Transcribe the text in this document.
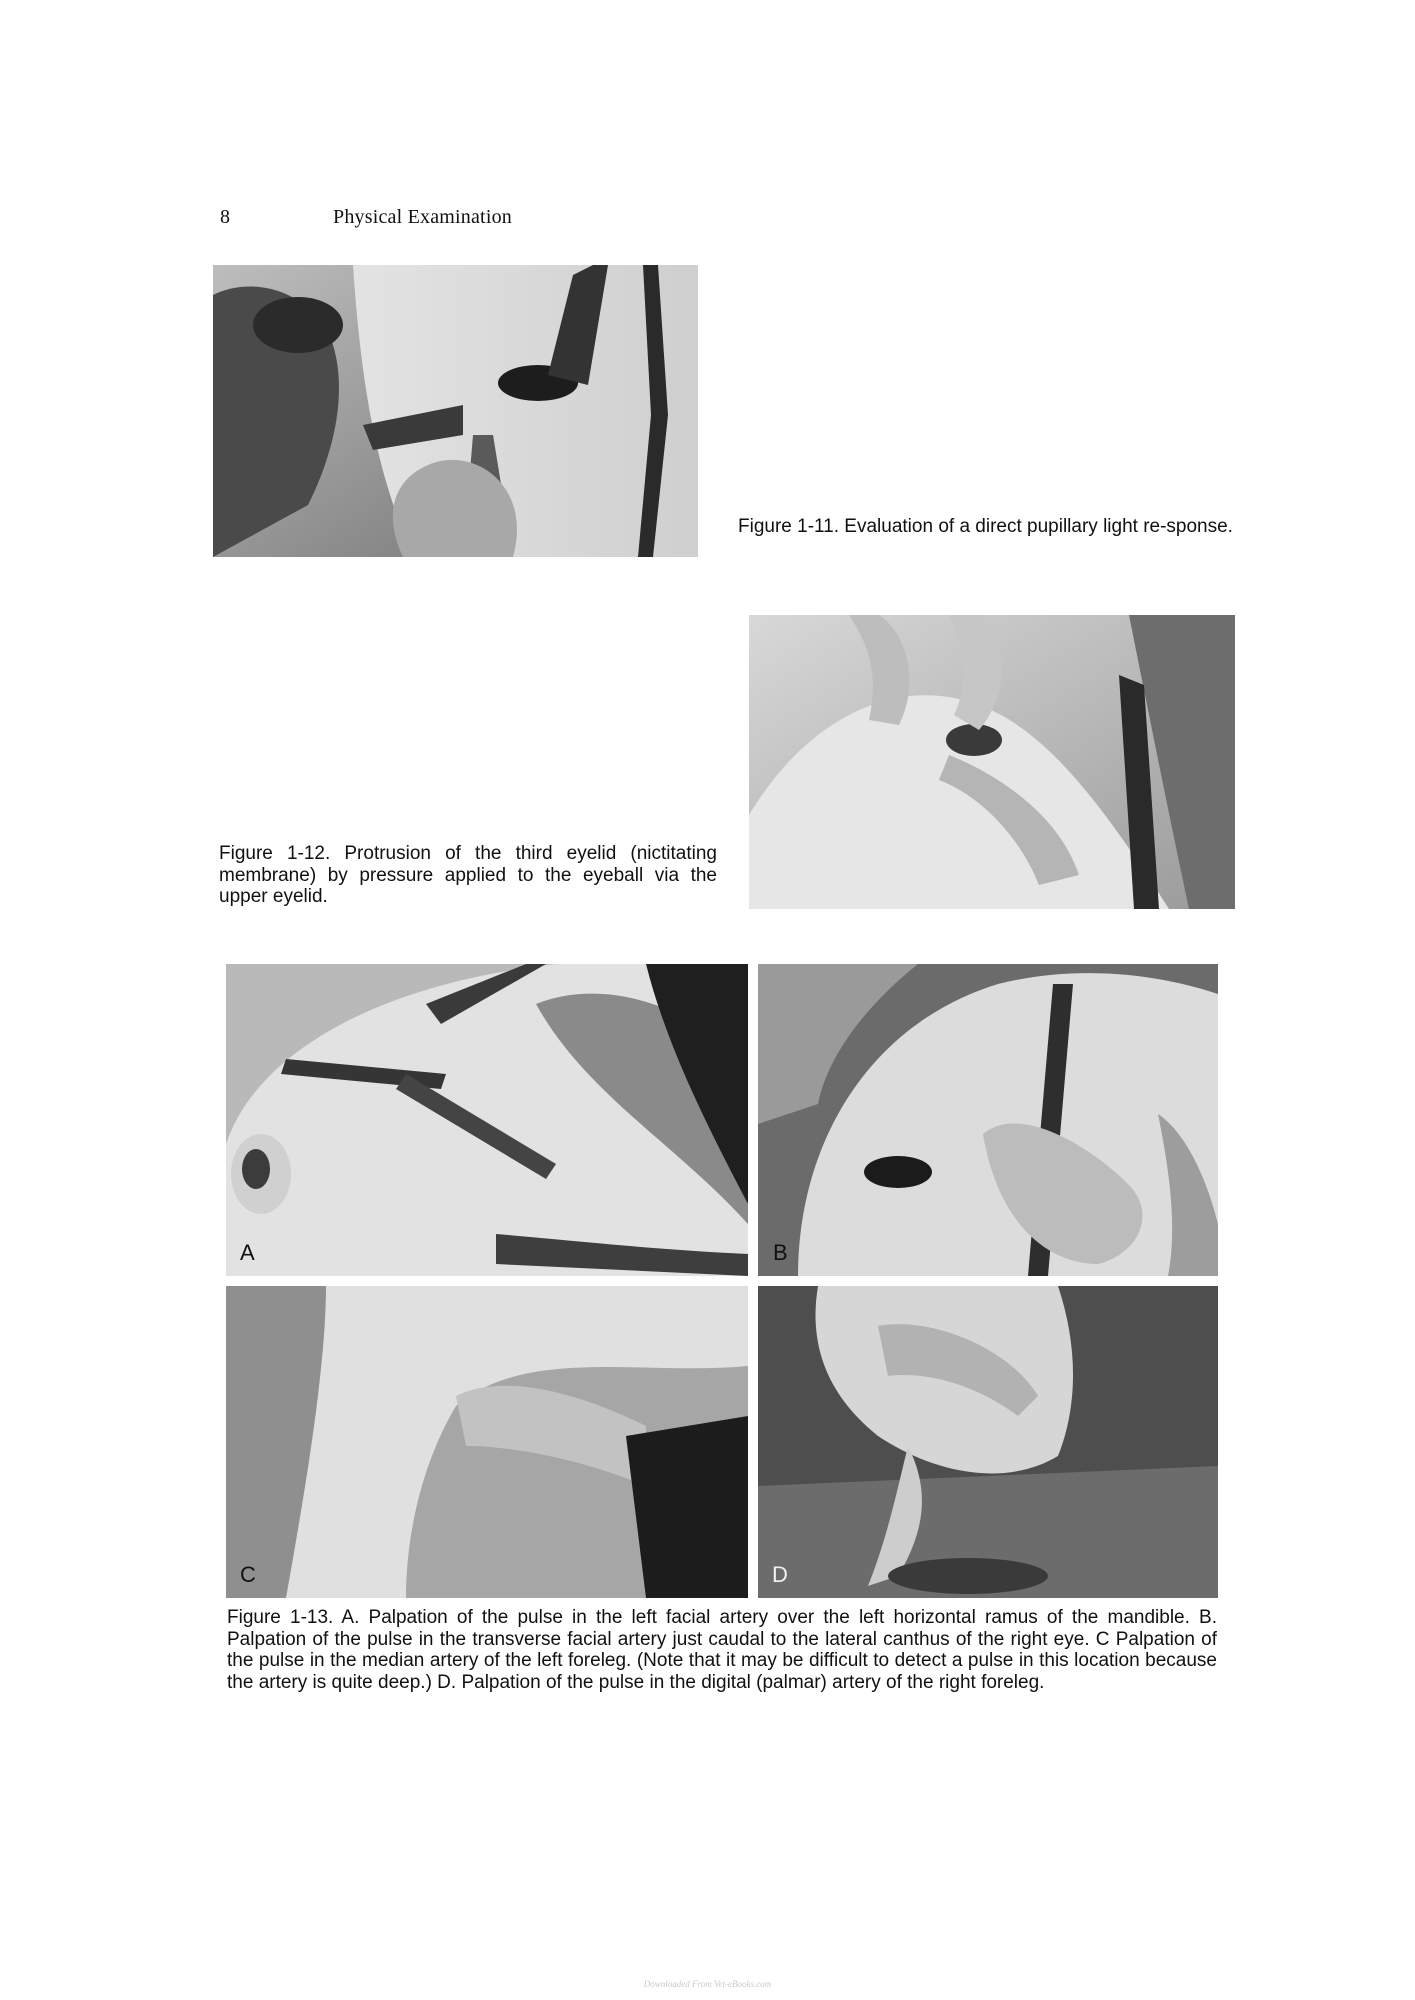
8	Physical Examination
Figure 1-11. Evaluation of a direct pupillary light re-sponse.
Figure 1-12. Protrusion of the third eyelid (nictitating membrane) by pressure applied to the eyeball via the upper eyelid.
A	B
C	D
Figure 1-13. A. Palpation of the pulse in the left facial artery over the left horizontal ramus of the mandible. B. Palpation of the pulse in the transverse facial artery just caudal to the lateral canthus of the right eye. C Palpation of the pulse in the median artery of the left foreleg. (Note that it may be difficult to detect a pulse in this location because the artery is quite deep.) D. Palpation of the pulse in the digital (palmar) artery of the right foreleg.
Downloaded From Vet-eBooks.com
